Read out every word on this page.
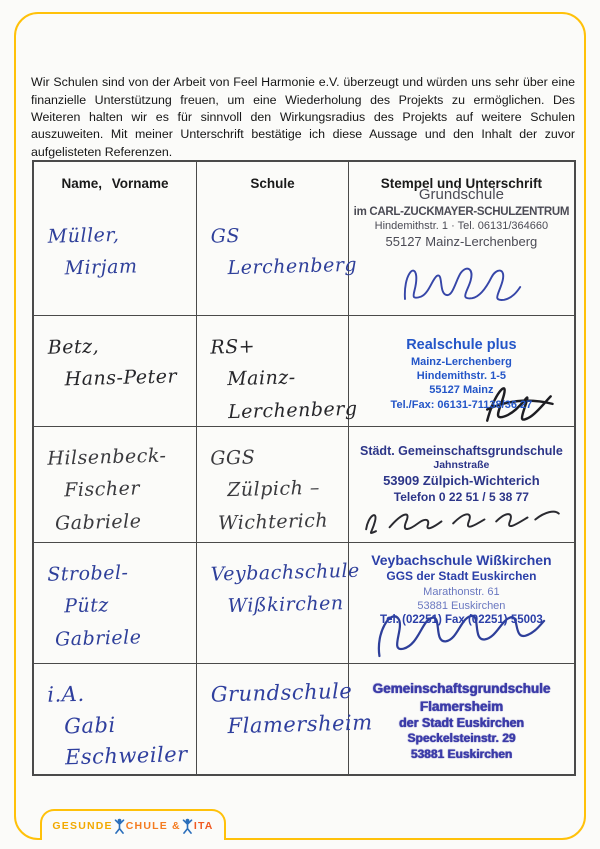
Wir Schulen sind von der Arbeit von Feel Harmonie e.V. überzeugt und würden uns sehr über eine finanzielle Unterstützung freuen, um eine Wiederholung des Projekts zu ermöglichen. Des Weiteren halten wir es für sinnvoll den Wirkungsradius des Projekts auf weitere Schulen auszuweiten. Mit meiner Unterschrift bestätige ich diese Aussage und den Inhalt der zuvor aufgelisteten Referenzen.

Name, Vorname	Schule	Stempel und Unterschrift
Müller,
Mirjam
GS
Lerchenberg
Grundschule
im CARL-ZUCKMAYER-SCHULZENTRUM
Hindemithstr. 1 · Tel. 06131/364660
55127 Mainz-Lerchenberg
Betz,
Hans-Peter
RS+
Mainz-Lerchenberg
Realschule plus
Mainz-Lerchenberg
Hindemithstr. 1-5
55127 Mainz
Tel./Fax: 06131-71138/36 27
Hilsenbeck-
Fischer
Gabriele
GGS
Zülpich –
Wichterich
Städt. Gemeinschaftsgrundschule
Jahnstraße
53909 Zülpich-Wichterich
Telefon 0 22 51 / 5 38 77
Strobel-
Pütz
Gabriele
Veybachschule
Wißkirchen
Veybachschule Wißkirchen
GGS der Stadt Euskirchen
Marathonstr. 61
53881 Euskirchen
Tel. (02251) Fax (02251) 55003
i.A.
Gabi Eschweiler
Grundschule
Flamersheim
Gemeinschaftsgrundschule
Flamersheim
der Stadt Euskirchen
Speckelsteinstr. 29
53881 Euskirchen
GESUNDE CHULE & ITA
